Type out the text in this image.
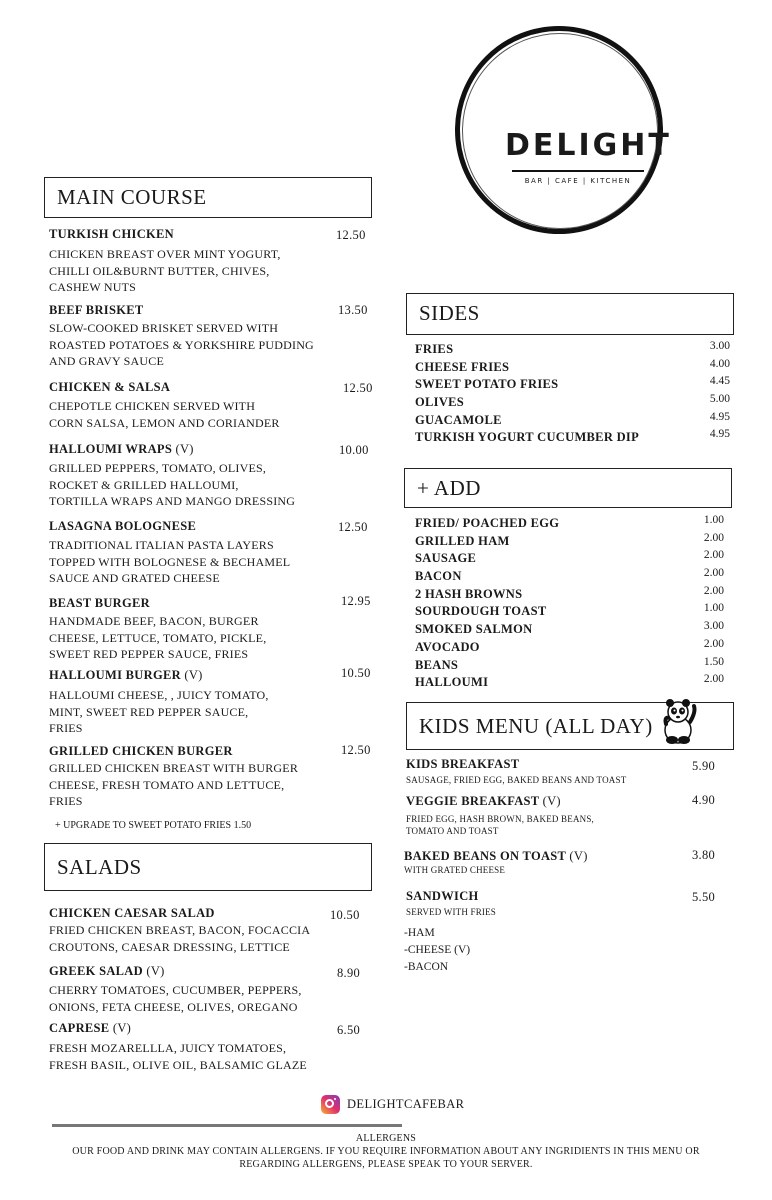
DELIGHT
BAR | CAFE | KITCHEN
MAIN COURSE
TURKISH CHICKEN	12.50
CHICKEN BREAST OVER MINT YOGURT,
CHILLI OIL&BURNT BUTTER, CHIVES,
CASHEW NUTS
BEEF BRISKET	13.50
SLOW-COOKED BRISKET SERVED WITH
ROASTED POTATOES & YORKSHIRE PUDDING
AND GRAVY SAUCE
CHICKEN & SALSA	12.50
CHEPOTLE CHICKEN SERVED WITH
CORN SALSA, LEMON AND CORIANDER
HALLOUMI WRAPS (V)	10.00
GRILLED PEPPERS, TOMATO, OLIVES,
ROCKET & GRILLED HALLOUMI,
TORTILLA WRAPS AND MANGO DRESSING
LASAGNA BOLOGNESE	12.50
TRADITIONAL ITALIAN PASTA LAYERS
TOPPED WITH BOLOGNESE & BECHAMEL
SAUCE AND GRATED CHEESE
BEAST BURGER	12.95
HANDMADE BEEF, BACON, BURGER
CHEESE, LETTUCE, TOMATO, PICKLE,
SWEET RED PEPPER SAUCE, FRIES
HALLOUMI BURGER (V)	10.50
HALLOUMI CHEESE, , JUICY TOMATO,
MINT, SWEET RED PEPPER SAUCE,
FRIES
GRILLED CHICKEN BURGER	12.50
GRILLED CHICKEN BREAST WITH BURGER
CHEESE, FRESH TOMATO AND LETTUCE,
FRIES
+ UPGRADE TO SWEET POTATO FRIES 1.50
SALADS
CHICKEN CAESAR SALAD	10.50
FRIED CHICKEN BREAST, BACON, FOCACCIA
CROUTONS, CAESAR DRESSING, LETTICE
GREEK SALAD (V)	8.90
CHERRY TOMATOES, CUCUMBER, PEPPERS,
ONIONS, FETA CHEESE, OLIVES, OREGANO
CAPRESE (V)	6.50
FRESH MOZARELLLA, JUICY TOMATOES,
FRESH BASIL, OLIVE OIL, BALSAMIC GLAZE
SIDES
FRIES	3.00
CHEESE FRIES	4.00
SWEET POTATO FRIES	4.45
OLIVES	5.00
GUACAMOLE	4.95
TURKISH YOGURT CUCUMBER DIP	4.95
+ ADD
FRIED/ POACHED EGG	1.00
GRILLED HAM	2.00
SAUSAGE	2.00
BACON	2.00
2 HASH BROWNS	2.00
SOURDOUGH TOAST	1.00
SMOKED SALMON	3.00
AVOCADO	2.00
BEANS	1.50
HALLOUMI	2.00
KIDS MENU (ALL DAY)
KIDS BREAKFAST	5.90
SAUSAGE, FRIED EGG, BAKED BEANS AND TOAST
VEGGIE BREAKFAST (V)	4.90
FRIED EGG, HASH BROWN, BAKED BEANS,
TOMATO AND TOAST
BAKED BEANS ON TOAST (V)	3.80
WITH GRATED CHEESE
SANDWICH	5.50
SERVED WITH FRIES
-HAM
-CHEESE (V)
-BACON
DELIGHTCAFEBAR
ALLERGENS
OUR FOOD AND DRINK MAY CONTAIN ALLERGENS. IF YOU REQUIRE INFORMATION ABOUT ANY INGRIDIENTS IN THIS MENU OR
REGARDING ALLERGENS, PLEASE SPEAK TO YOUR SERVER.
